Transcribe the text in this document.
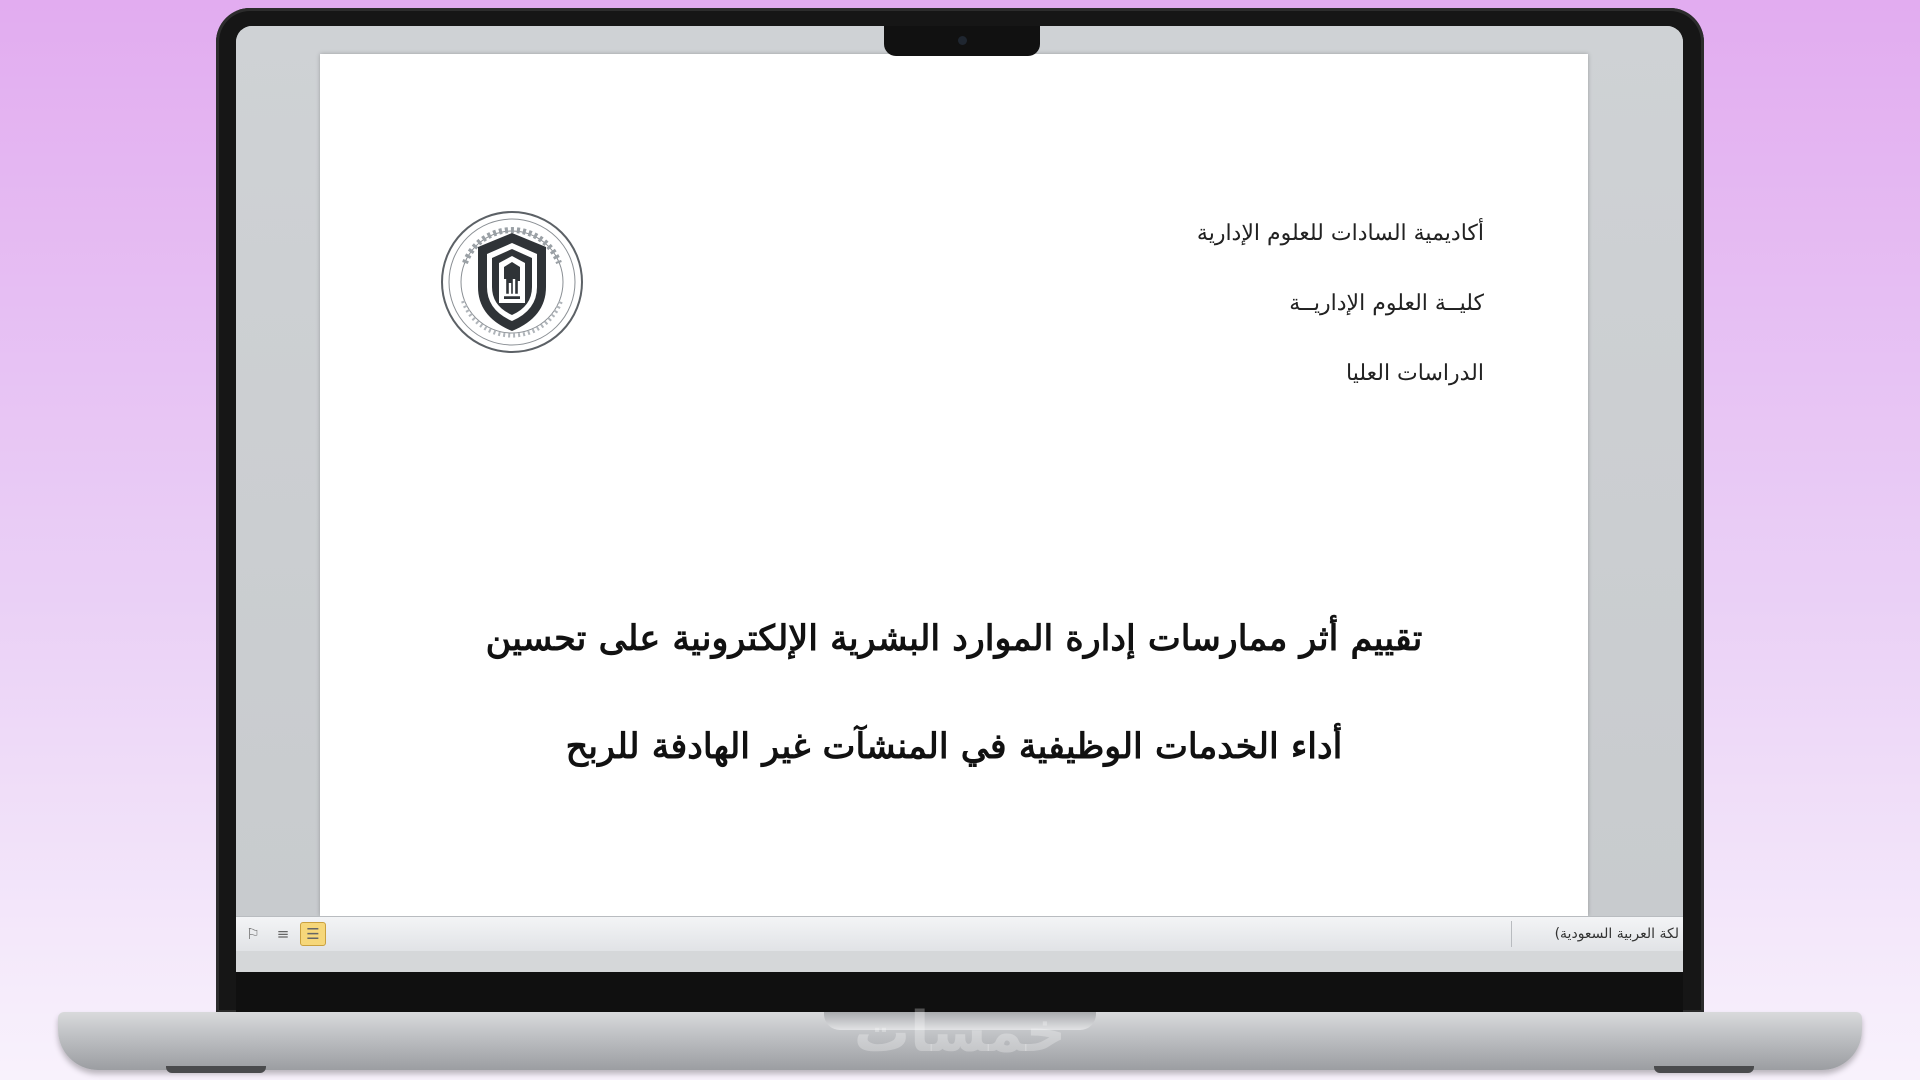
أكاديمية السادات للعلوم الإدارية

كليــة العلوم الإداريــة

الدراسات العليا

تقييم أثر ممارسات إدارة الموارد البشرية الإلكترونية على تحسين

أداء الخدمات الوظيفية في المنشآت غير الهادفة للربح

⚐ ≡ ☰	لكة العربية السعودية)
خمسات
